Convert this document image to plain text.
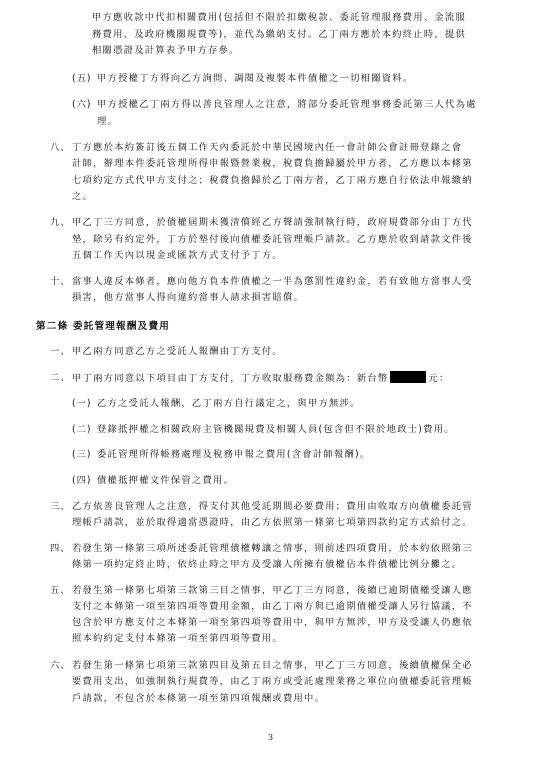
甲方應收款中代扣相關費用(包括但不限於扣繳稅款、委託管理服務費用、金流服
務費用、及政府機關規費等)，並代為繳納支付。乙丁兩方應於本約終止時，提供
相關憑證及計算表予甲方存參。
(五) 甲方授權丁方得向乙方詢問、調閱及複製本件債權之一切相關資料。
(六) 甲方授權乙丁兩方得以善良管理人之注意，將部分委託管理事務委託第三人代為處
理。
八、 丁方應於本約簽訂後五個工作天內委託於中華民國境內任一會計師公會註冊登錄之會
計師，辦理本件委託管理所得申報暨營業稅，稅費負擔歸屬於甲方者，乙方應以本條第
七項約定方式代甲方支付之；稅費負擔歸於乙丁兩方者，乙丁兩方應自行依法申報繳納
之。
九、 甲乙丁三方同意，於債權屆期未獲清償經乙方聲請強制執行時，政府規費部分由丁方代
墊，除另有約定外，丁方於墊付後向債權委託管理帳戶請款。乙方應於收到請款文件後
五個工作天內以現金或匯款方式支付予丁方。
十、 當事人違反本條者，應向他方負本件債權之一半為懲罰性違約金，若有致他方當事人受
損害，他方當事人得向違約當事人請求損害賠償。
第二條 委託管理報酬及費用
一、 甲乙兩方同意乙方之受託人報酬由丁方支付。
二、 甲丁兩方同意以下項目由丁方支付，丁方收取服務費金額為：新台幣	元：
(一) 乙方之受託人報酬，乙丁兩方自行議定之，與甲方無涉。
(二) 登錄抵押權之相關政府主管機關規費及相關人員(包含但不限於地政士)費用。
(三) 委託管理所得帳務處理及稅務申報之費用(含會計師報酬)。
(四) 債權抵押權文件保管之費用。
三、 乙方依善良管理人之注意，得支付其他受託期間必要費用；費用由收取方向債權委託管
理帳戶請款，並於取得適當憑證時，由乙方依照第一條第七項第四款約定方式給付之。
四、 若發生第一條第三項所述委託管理債權轉讓之情事，則前述四項費用，於本約依照第三
條第一項約定終止時，依終止時之甲方及受讓人所擁有債權佔本件債權比例分攤之。
五、 若發生第一條第七項第三款第三目之情事，甲乙丁三方同意，後續已逾期債權受讓人應
支付之本條第一項至第四項等費用金額，由乙丁兩方與已逾期債權受讓人另行協議，不
包含於甲方應支付之本條第一項至第四項等費用中，與甲方無涉，甲方及受讓人仍應依
照本約約定支付本條第一項至第四項等費用。
六、 若發生第一條第七項第三款第四目及第五目之情事，甲乙丁三方同意，後續債權保全必
要費用支出，如強制執行規費等，由乙丁兩方或受託處理業務之單位向債權委託管理帳
戶請款，不包含於本條第一項至第四項報酬或費用中。
3
